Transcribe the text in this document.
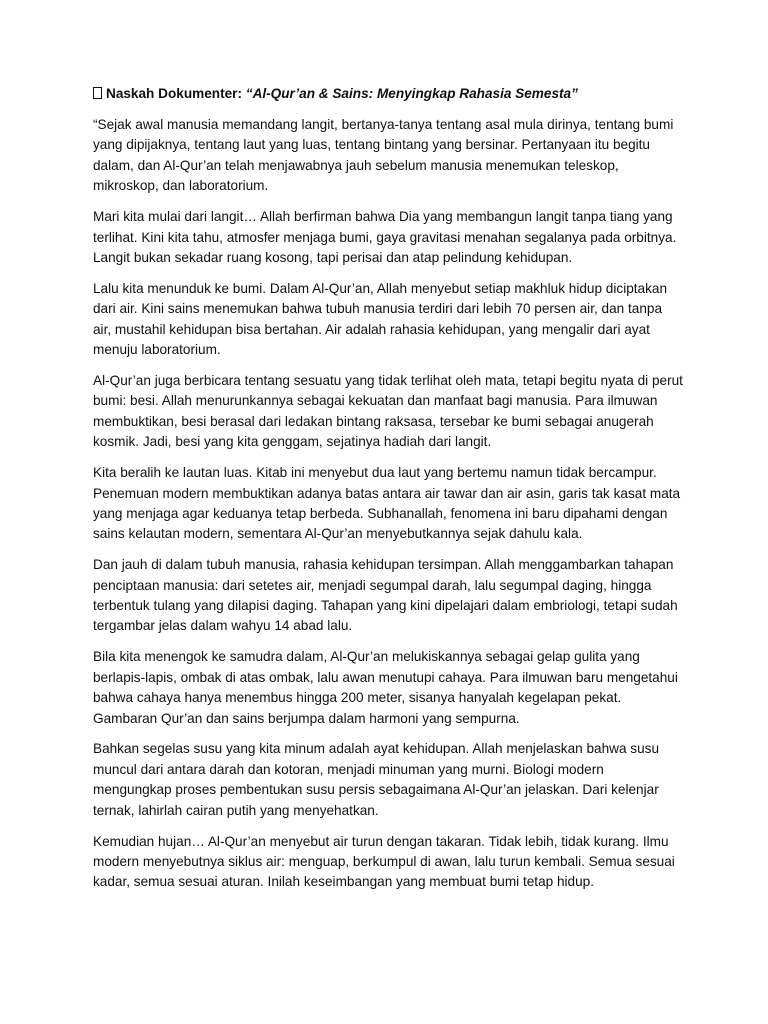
Naskah Dokumenter: “Al-Qur’an & Sains: Menyingkap Rahasia Semesta”

“Sejak awal manusia memandang langit, bertanya-tanya tentang asal mula dirinya, tentang bumi yang dipijaknya, tentang laut yang luas, tentang bintang yang bersinar. Pertanyaan itu begitu dalam, dan Al-Qur’an telah menjawabnya jauh sebelum manusia menemukan teleskop, mikroskop, dan laboratorium.

Mari kita mulai dari langit… Allah berfirman bahwa Dia yang membangun langit tanpa tiang yang terlihat. Kini kita tahu, atmosfer menjaga bumi, gaya gravitasi menahan segalanya pada orbitnya. Langit bukan sekadar ruang kosong, tapi perisai dan atap pelindung kehidupan.

Lalu kita menunduk ke bumi. Dalam Al-Qur’an, Allah menyebut setiap makhluk hidup diciptakan dari air. Kini sains menemukan bahwa tubuh manusia terdiri dari lebih 70 persen air, dan tanpa air, mustahil kehidupan bisa bertahan. Air adalah rahasia kehidupan, yang mengalir dari ayat menuju laboratorium.

Al-Qur’an juga berbicara tentang sesuatu yang tidak terlihat oleh mata, tetapi begitu nyata di perut bumi: besi. Allah menurunkannya sebagai kekuatan dan manfaat bagi manusia. Para ilmuwan membuktikan, besi berasal dari ledakan bintang raksasa, tersebar ke bumi sebagai anugerah kosmik. Jadi, besi yang kita genggam, sejatinya hadiah dari langit.

Kita beralih ke lautan luas. Kitab ini menyebut dua laut yang bertemu namun tidak bercampur. Penemuan modern membuktikan adanya batas antara air tawar dan air asin, garis tak kasat mata yang menjaga agar keduanya tetap berbeda. Subhanallah, fenomena ini baru dipahami dengan sains kelautan modern, sementara Al-Qur’an menyebutkannya sejak dahulu kala.

Dan jauh di dalam tubuh manusia, rahasia kehidupan tersimpan. Allah menggambarkan tahapan penciptaan manusia: dari setetes air, menjadi segumpal darah, lalu segumpal daging, hingga terbentuk tulang yang dilapisi daging. Tahapan yang kini dipelajari dalam embriologi, tetapi sudah tergambar jelas dalam wahyu 14 abad lalu.

Bila kita menengok ke samudra dalam, Al-Qur’an melukiskannya sebagai gelap gulita yang berlapis-lapis, ombak di atas ombak, lalu awan menutupi cahaya. Para ilmuwan baru mengetahui bahwa cahaya hanya menembus hingga 200 meter, sisanya hanyalah kegelapan pekat. Gambaran Qur’an dan sains berjumpa dalam harmoni yang sempurna.

Bahkan segelas susu yang kita minum adalah ayat kehidupan. Allah menjelaskan bahwa susu muncul dari antara darah dan kotoran, menjadi minuman yang murni. Biologi modern mengungkap proses pembentukan susu persis sebagaimana Al-Qur’an jelaskan. Dari kelenjar ternak, lahirlah cairan putih yang menyehatkan.

Kemudian hujan… Al-Qur’an menyebut air turun dengan takaran. Tidak lebih, tidak kurang. Ilmu modern menyebutnya siklus air: menguap, berkumpul di awan, lalu turun kembali. Semua sesuai kadar, semua sesuai aturan. Inilah keseimbangan yang membuat bumi tetap hidup.
